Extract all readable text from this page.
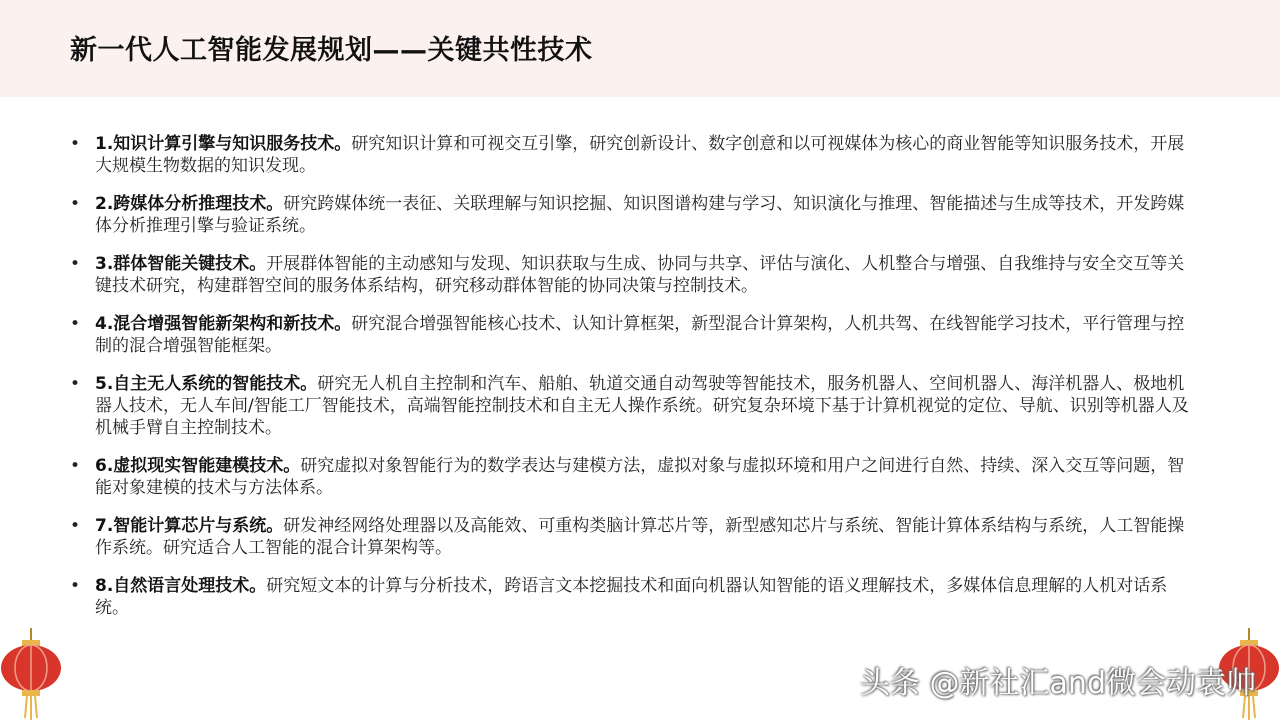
新一代人工智能发展规划——关键共性技术
• 1.知识计算引擎与知识服务技术。研究知识计算和可视交互引擎，研究创新设计、数字创意和以可视媒体为核心的商业智能等知识服务技术，开展大规模生物数据的知识发现。
• 2.跨媒体分析推理技术。研究跨媒体统一表征、关联理解与知识挖掘、知识图谱构建与学习、知识演化与推理、智能描述与生成等技术，开发跨媒体分析推理引擎与验证系统。
• 3.群体智能关键技术。开展群体智能的主动感知与发现、知识获取与生成、协同与共享、评估与演化、人机整合与增强、自我维持与安全交互等关键技术研究，构建群智空间的服务体系结构，研究移动群体智能的协同决策与控制技术。
• 4.混合增强智能新架构和新技术。研究混合增强智能核心技术、认知计算框架，新型混合计算架构，人机共驾、在线智能学习技术，平行管理与控制的混合增强智能框架。
• 5.自主无人系统的智能技术。研究无人机自主控制和汽车、船舶、轨道交通自动驾驶等智能技术，服务机器人、空间机器人、海洋机器人、极地机器人技术，无人车间/智能工厂智能技术，高端智能控制技术和自主无人操作系统。研究复杂环境下基于计算机视觉的定位、导航、识别等机器人及机械手臂自主控制技术。
• 6.虚拟现实智能建模技术。研究虚拟对象智能行为的数学表达与建模方法，虚拟对象与虚拟环境和用户之间进行自然、持续、深入交互等问题，智能对象建模的技术与方法体系。
• 7.智能计算芯片与系统。研发神经网络处理器以及高能效、可重构类脑计算芯片等，新型感知芯片与系统、智能计算体系结构与系统，人工智能操作系统。研究适合人工智能的混合计算架构等。
• 8.自然语言处理技术。研究短文本的计算与分析技术，跨语言文本挖掘技术和面向机器认知智能的语义理解技术，多媒体信息理解的人机对话系统。
头条 @新社汇and微会动袁帅
